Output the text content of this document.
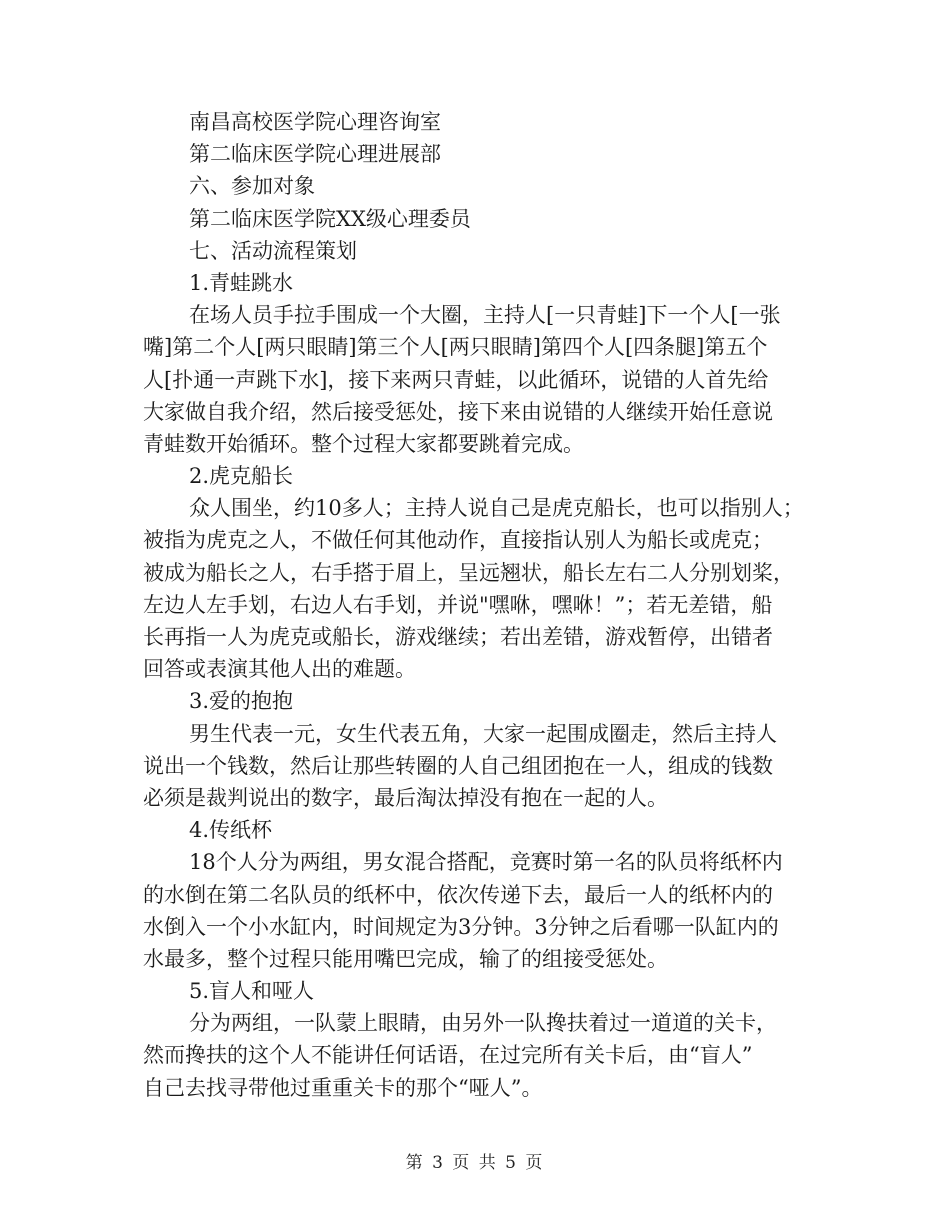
南昌高校医学院心理咨询室
第二临床医学院心理进展部
六、参加对象
第二临床医学院XX级心理委员
七、活动流程策划
1.青蛙跳水
在场人员手拉手围成一个大圈，主持人[一只青蛙]下一个人[一张
嘴]第二个人[两只眼睛]第三个人[两只眼睛]第四个人[四条腿]第五个
人[扑通一声跳下水]，接下来两只青蛙，以此循环，说错的人首先给
大家做自我介绍，然后接受惩处，接下来由说错的人继续开始任意说
青蛙数开始循环。整个过程大家都要跳着完成。
2.虎克船长
众人围坐，约10多人；主持人说自己是虎克船长，也可以指别人；
被指为虎克之人，不做任何其他动作，直接指认别人为船长或虎克；
被成为船长之人，右手搭于眉上，呈远翘状，船长左右二人分别划桨，
左边人左手划，右边人右手划，并说"嘿咻，嘿咻！”；若无差错，船
长再指一人为虎克或船长，游戏继续；若出差错，游戏暂停，出错者
回答或表演其他人出的难题。
3.爱的抱抱
男生代表一元，女生代表五角，大家一起围成圈走，然后主持人
说出一个钱数，然后让那些转圈的人自己组团抱在一人，组成的钱数
必须是裁判说出的数字，最后淘汰掉没有抱在一起的人。
4.传纸杯
18个人分为两组，男女混合搭配，竞赛时第一名的队员将纸杯内
的水倒在第二名队员的纸杯中，依次传递下去，最后一人的纸杯内的
水倒入一个小水缸内，时间规定为3分钟。3分钟之后看哪一队缸内的
水最多，整个过程只能用嘴巴完成，输了的组接受惩处。
5.盲人和哑人
分为两组，一队蒙上眼睛，由另外一队搀扶着过一道道的关卡，
然而搀扶的这个人不能讲任何话语，在过完所有关卡后，由“盲人”
自己去找寻带他过重重关卡的那个“哑人”。
第 3 页 共 5 页
